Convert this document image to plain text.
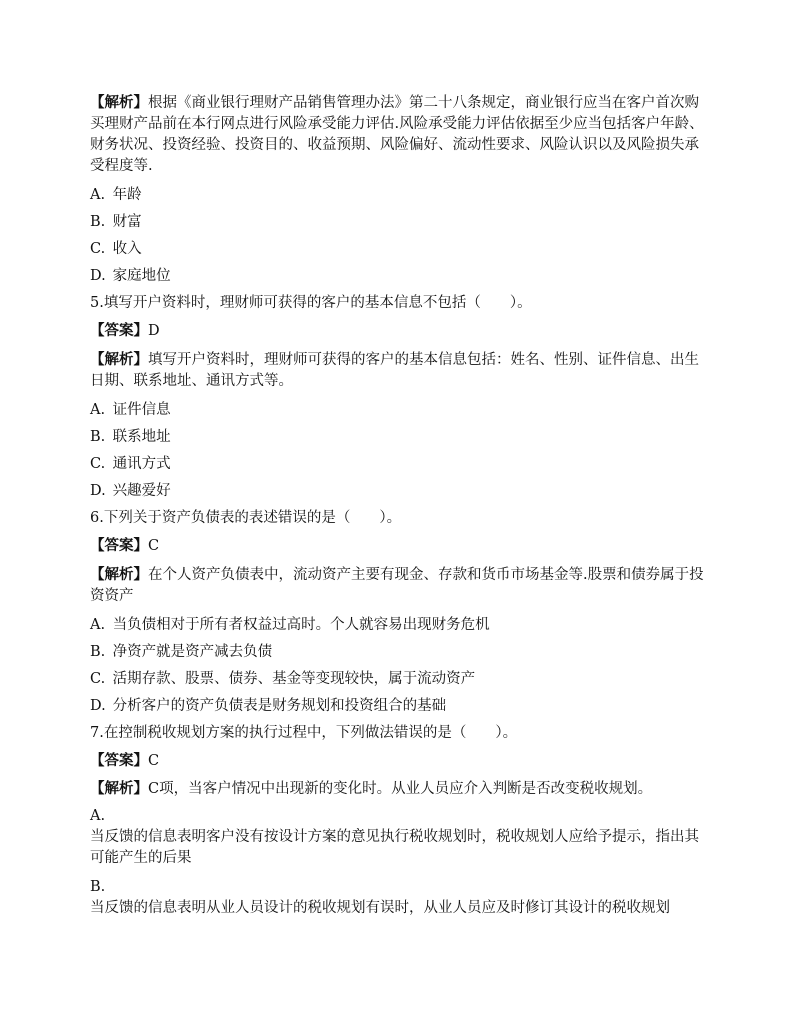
【解析】根据《商业银行理财产品销售管理办法》第二十八条规定，商业银行应当在客户首次购买理财产品前在本行网点进行风险承受能力评估.风险承受能力评估依据至少应当包括客户年龄、财务状况、投资经验、投资目的、收益预期、风险偏好、流动性要求、风险认识以及风险损失承受程度等.

A. 年龄
B. 财富
C. 收入
D. 家庭地位
5.填写开户资料时，理财师可获得的客户的基本信息不包括（　　）。
【答案】D

【解析】填写开户资料时，理财师可获得的客户的基本信息包括：姓名、性别、证件信息、出生日期、联系地址、通讯方式等。

A. 证件信息
B. 联系地址
C. 通讯方式
D. 兴趣爱好
6.下列关于资产负债表的表述错误的是（　　）。
【答案】C

【解析】在个人资产负债表中，流动资产主要有现金、存款和货币市场基金等.股票和债券属于投资资产

A. 当负债相对于所有者权益过高时。个人就容易出现财务危机
B. 净资产就是资产减去负债
C. 活期存款、股票、债券、基金等变现较快，属于流动资产
D. 分析客户的资产负债表是财务规划和投资组合的基础
7.在控制税收规划方案的执行过程中，下列做法错误的是（　　）。
【答案】C
【解析】C项，当客户情况中出现新的变化时。从业人员应介入判断是否改变税收规划。
A.

当反馈的信息表明客户没有按设计方案的意见执行税收规划时，税收规划人应给予提示，指出其可能产生的后果

B.

当反馈的信息表明从业人员设计的税收规划有误时，从业人员应及时修订其设计的税收规划
